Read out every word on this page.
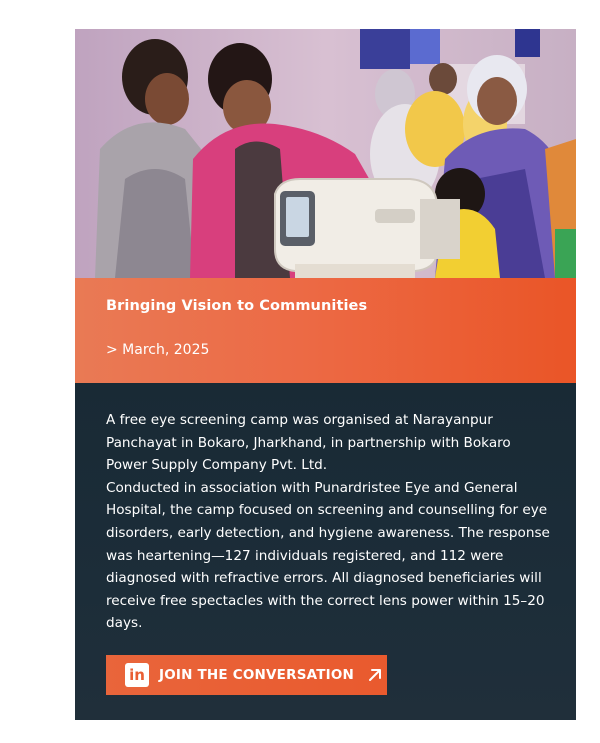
Bringing Vision to Communities
> March, 2025

A free eye screening camp was organised at Narayanpur Panchayat in Bokaro, Jharkhand, in partnership with Bokaro Power Supply Company Pvt. Ltd.

Conducted in association with Punardristee Eye and General Hospital, the camp focused on screening and counselling for eye disorders, early detection, and hygiene awareness. The response was heartening—127 individuals registered, and 112 were diagnosed with refractive errors. All diagnosed beneficiaries will receive free spectacles with the correct lens power within 15–20 days.

in	JOIN THE CONVERSATION
